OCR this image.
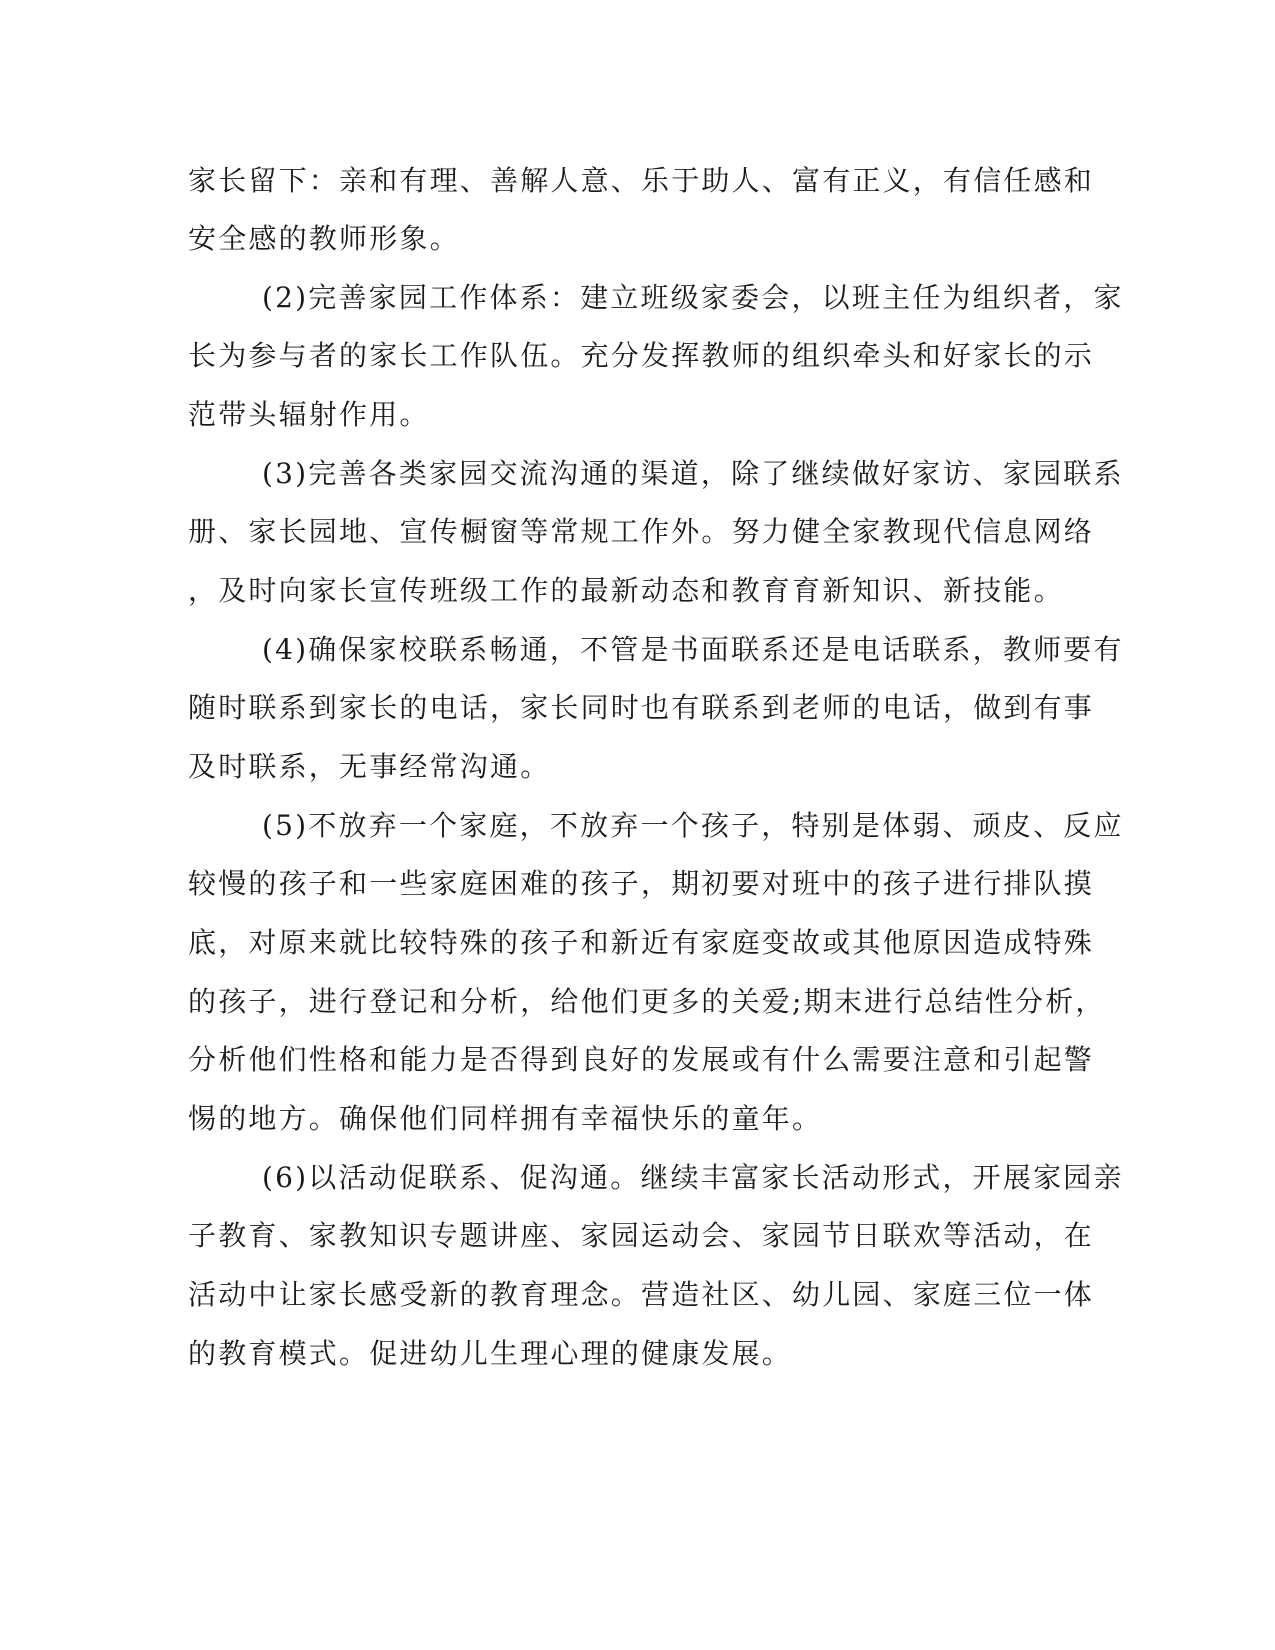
家长留下：亲和有理、善解人意、乐于助人、富有正义，有信任感和
安全感的教师形象。
(2)完善家园工作体系：建立班级家委会，以班主任为组织者，家
长为参与者的家长工作队伍。充分发挥教师的组织牵头和好家长的示
范带头辐射作用。
(3)完善各类家园交流沟通的渠道，除了继续做好家访、家园联系
册、家长园地、宣传橱窗等常规工作外。努力健全家教现代信息网络
，及时向家长宣传班级工作的最新动态和教育育新知识、新技能。
(4)确保家校联系畅通，不管是书面联系还是电话联系，教师要有
随时联系到家长的电话，家长同时也有联系到老师的电话，做到有事
及时联系，无事经常沟通。
(5)不放弃一个家庭，不放弃一个孩子，特别是体弱、顽皮、反应
较慢的孩子和一些家庭困难的孩子，期初要对班中的孩子进行排队摸
底，对原来就比较特殊的孩子和新近有家庭变故或其他原因造成特殊
的孩子，进行登记和分析，给他们更多的关爱;期末进行总结性分析，
分析他们性格和能力是否得到良好的发展或有什么需要注意和引起警
惕的地方。确保他们同样拥有幸福快乐的童年。
(6)以活动促联系、促沟通。继续丰富家长活动形式，开展家园亲
子教育、家教知识专题讲座、家园运动会、家园节日联欢等活动，在
活动中让家长感受新的教育理念。营造社区、幼儿园、家庭三位一体
的教育模式。促进幼儿生理心理的健康发展。
